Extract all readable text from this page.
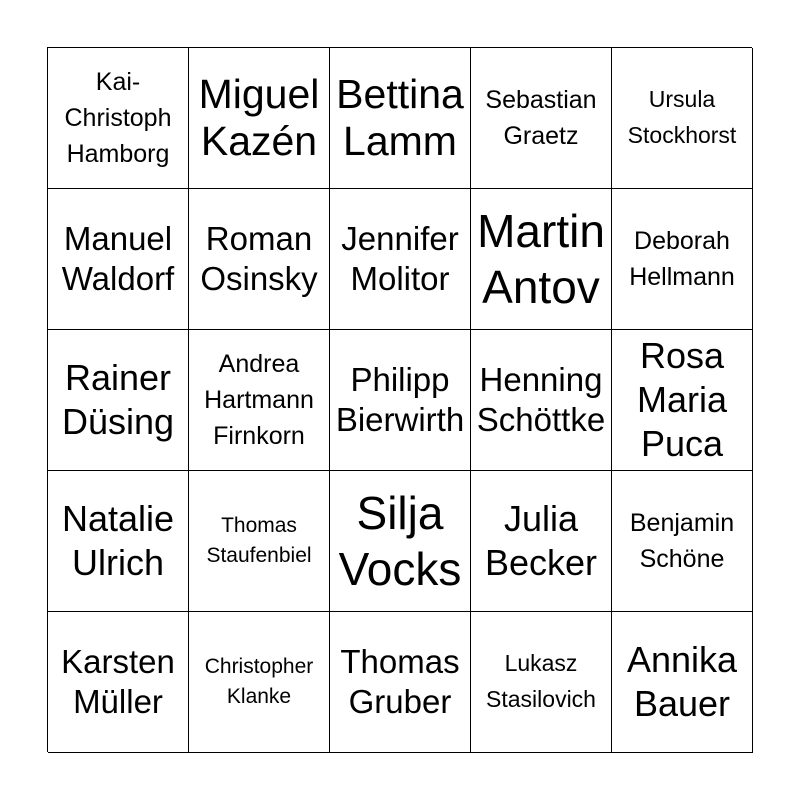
Kai-
Christoph
Hamborg
Miguel
Kazén
Bettina
Lamm
Sebastian
Graetz
Ursula
Stockhorst
Manuel
Waldorf
Roman
Osinsky
Jennifer
Molitor
Martin
Antov
Deborah
Hellmann
Rainer
Düsing
Andrea
Hartmann
Firnkorn
Philipp
Bierwirth
Henning
Schöttke
Rosa
Maria
Puca
Natalie
Ulrich
Thomas
Staufenbiel
Silja
Vocks
Julia
Becker
Benjamin
Schöne
Karsten
Müller
Christopher
Klanke
Thomas
Gruber
Lukasz
Stasilovich
Annika
Bauer
